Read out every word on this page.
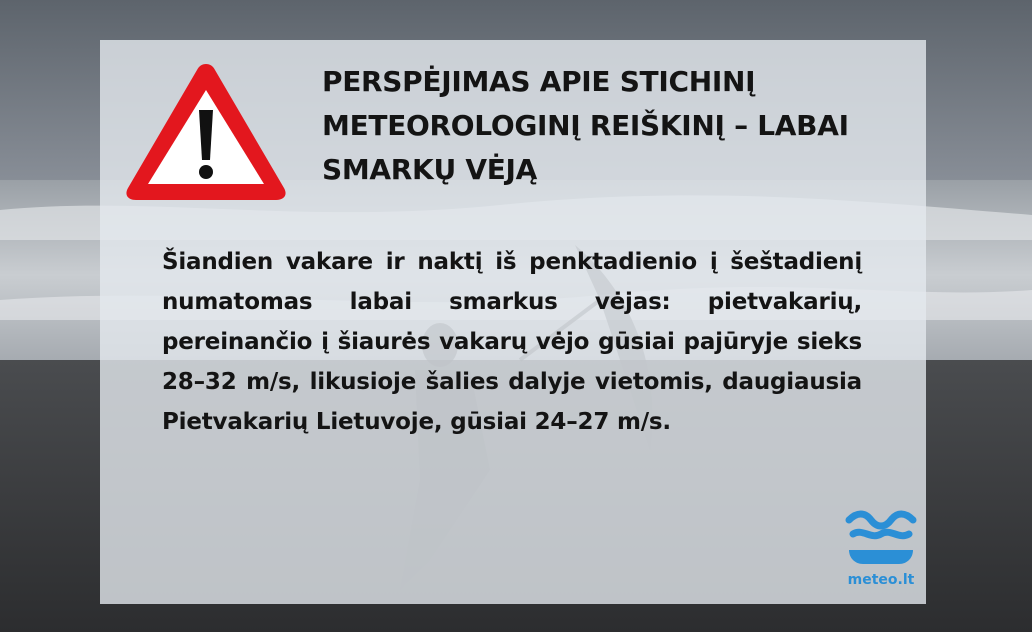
PERSPĖJIMAS APIE STICHINĮ METEOROLOGINĮ REIŠKINĮ – LABAI SMARKŲ VĖJĄ

Šiandien vakare ir naktį iš penktadienio į šeštadienį numatomas labai smarkus vėjas: pietvakarių, pereinančio į šiaurės vakarų vėjo gūsiai pajūryje sieks 28–32 m/s, likusioje šalies dalyje vietomis, daugiausia Pietvakarių Lietuvoje, gūsiai 24–27 m/s.

meteo.lt
